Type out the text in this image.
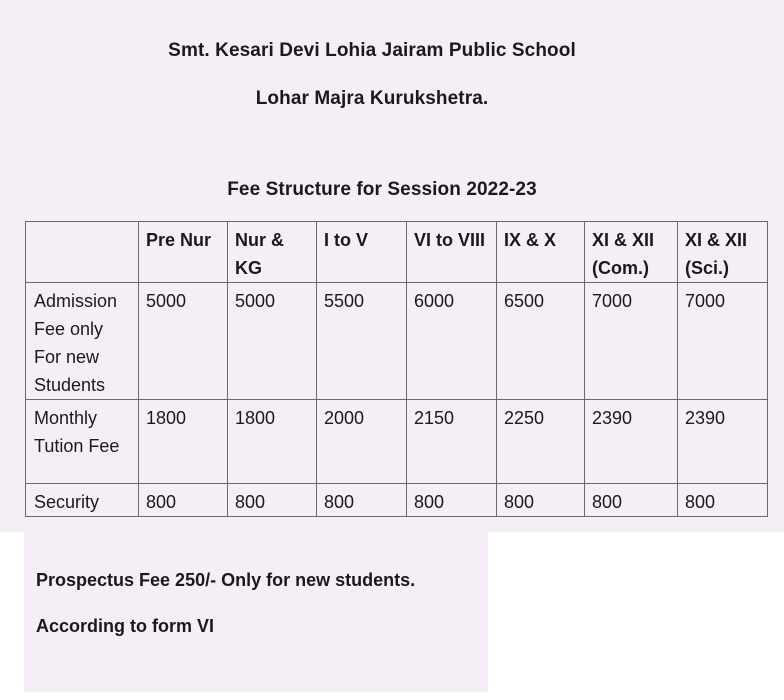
Smt. Kesari Devi Lohia Jairam Public School
Lohar Majra Kurukshetra.
Fee Structure for Session 2022-23
	Pre Nur	Nur & KG	I to V	VI to VIII	IX & X	XI & XII (Com.)	XI & XII (Sci.)
Admission Fee only For new Students	5000	5000	5500	6000	6500	7000	7000
Monthly Tution Fee	1800	1800	2000	2150	2250	2390	2390
Security	800	800	800	800	800	800	800
Prospectus Fee 250/- Only for new students.
According to form VI
